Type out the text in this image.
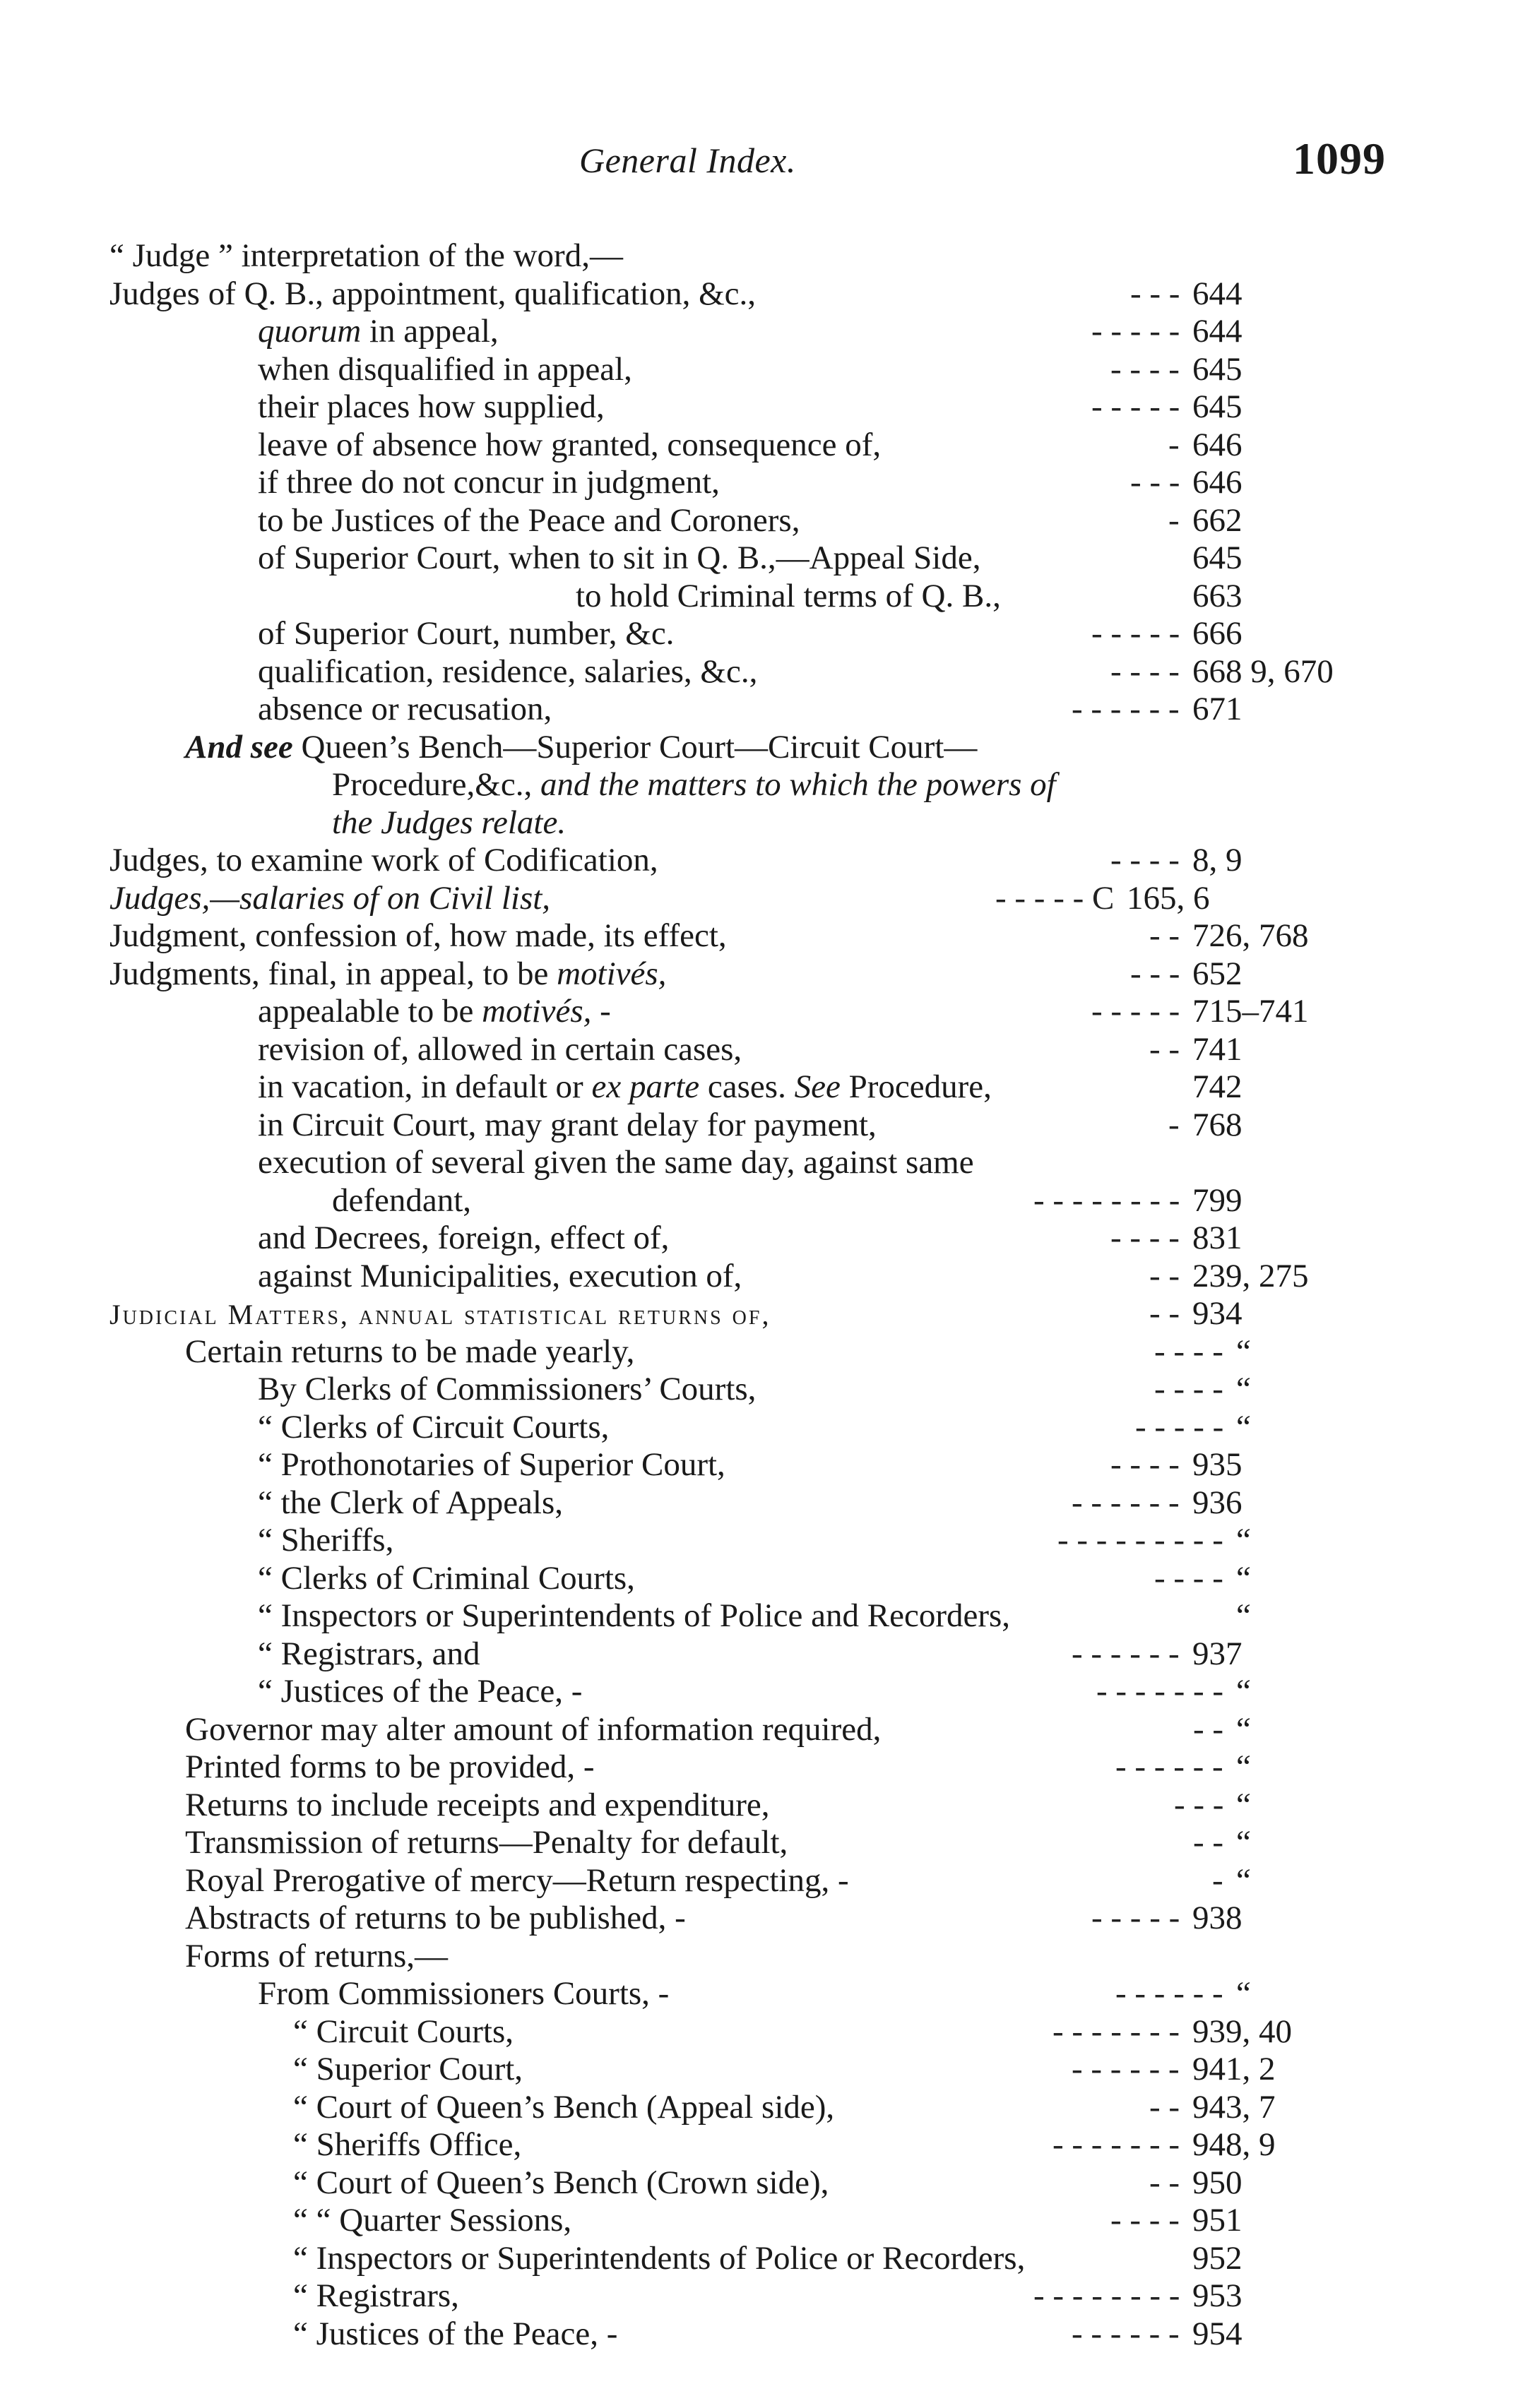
General Index.	1099
“ Judge ” interpretation of the word,—
Judges of Q. B., appointment, qualification, &c.,	- - - 644
quorum in appeal,	- - - - - 644
when disqualified in appeal,	- - - - 645
their places how supplied,	- - - - - 645
leave of absence how granted, consequence of,	- 646
if three do not concur in judgment,	- - - 646
to be Justices of the Peace and Coroners,	- 662
of Superior Court, when to sit in Q. B.,—Appeal Side,	645
to hold Criminal terms of Q. B.,	663
of Superior Court, number, &c.	- - - - - 666
qualification, residence, salaries, &c.,	- - - - 668 9, 670
absence or recusation,	- - - - - - 671
And see Queen’s Bench—Superior Court—Circuit Court—
Procedure,&c., and the matters to which the powers of
the Judges relate.
Judges, to examine work of Codification,	- - - - 8, 9
Judges,—salaries of on Civil list,	- - - - - C 165, 6
Judgment, confession of, how made, its effect,	- - 726, 768
Judgments, final, in appeal, to be motivés,	- - - 652
appealable to be motivés, -	- - - - - 715–741
revision of, allowed in certain cases,	- - 741
in vacation, in default or ex parte cases. See Procedure,	742
in Circuit Court, may grant delay for payment,	- 768
execution of several given the same day, against same
defendant,	- - - - - - - - 799
and Decrees, foreign, effect of,	- - - - 831
against Municipalities, execution of,	- - 239, 275
Judicial Matters, annual statistical returns of,	- - 934
Certain returns to be made yearly,	- - - - “
By Clerks of Commissioners’ Courts,	- - - - “
“ Clerks of Circuit Courts,	- - - - - “
“ Prothonotaries of Superior Court,	- - - - 935
“ the Clerk of Appeals,	- - - - - - 936
“ Sheriffs,	- - - - - - - - - “
“ Clerks of Criminal Courts,	- - - - “
“ Inspectors or Superintendents of Police and Recorders,	“
“ Registrars, and	- - - - - - 937
“ Justices of the Peace, -	- - - - - - - “
Governor may alter amount of information required,	- - “
Printed forms to be provided, -	- - - - - - “
Returns to include receipts and expenditure,	- - - “
Transmission of returns—Penalty for default,	- - “
Royal Prerogative of mercy—Return respecting, -	- “
Abstracts of returns to be published, -	- - - - - 938
Forms of returns,—
From Commissioners Courts, -	- - - - - - “
“ Circuit Courts,	- - - - - - - 939, 40
“ Superior Court,	- - - - - - 941, 2
“ Court of Queen’s Bench (Appeal side),	- - 943, 7
“ Sheriffs Office,	- - - - - - - 948, 9
“ Court of Queen’s Bench (Crown side),	- - 950
“ “ Quarter Sessions,	- - - - 951
“ Inspectors or Superintendents of Police or Recorders,	952
“ Registrars,	- - - - - - - - 953
“ Justices of the Peace, -	- - - - - - 954
